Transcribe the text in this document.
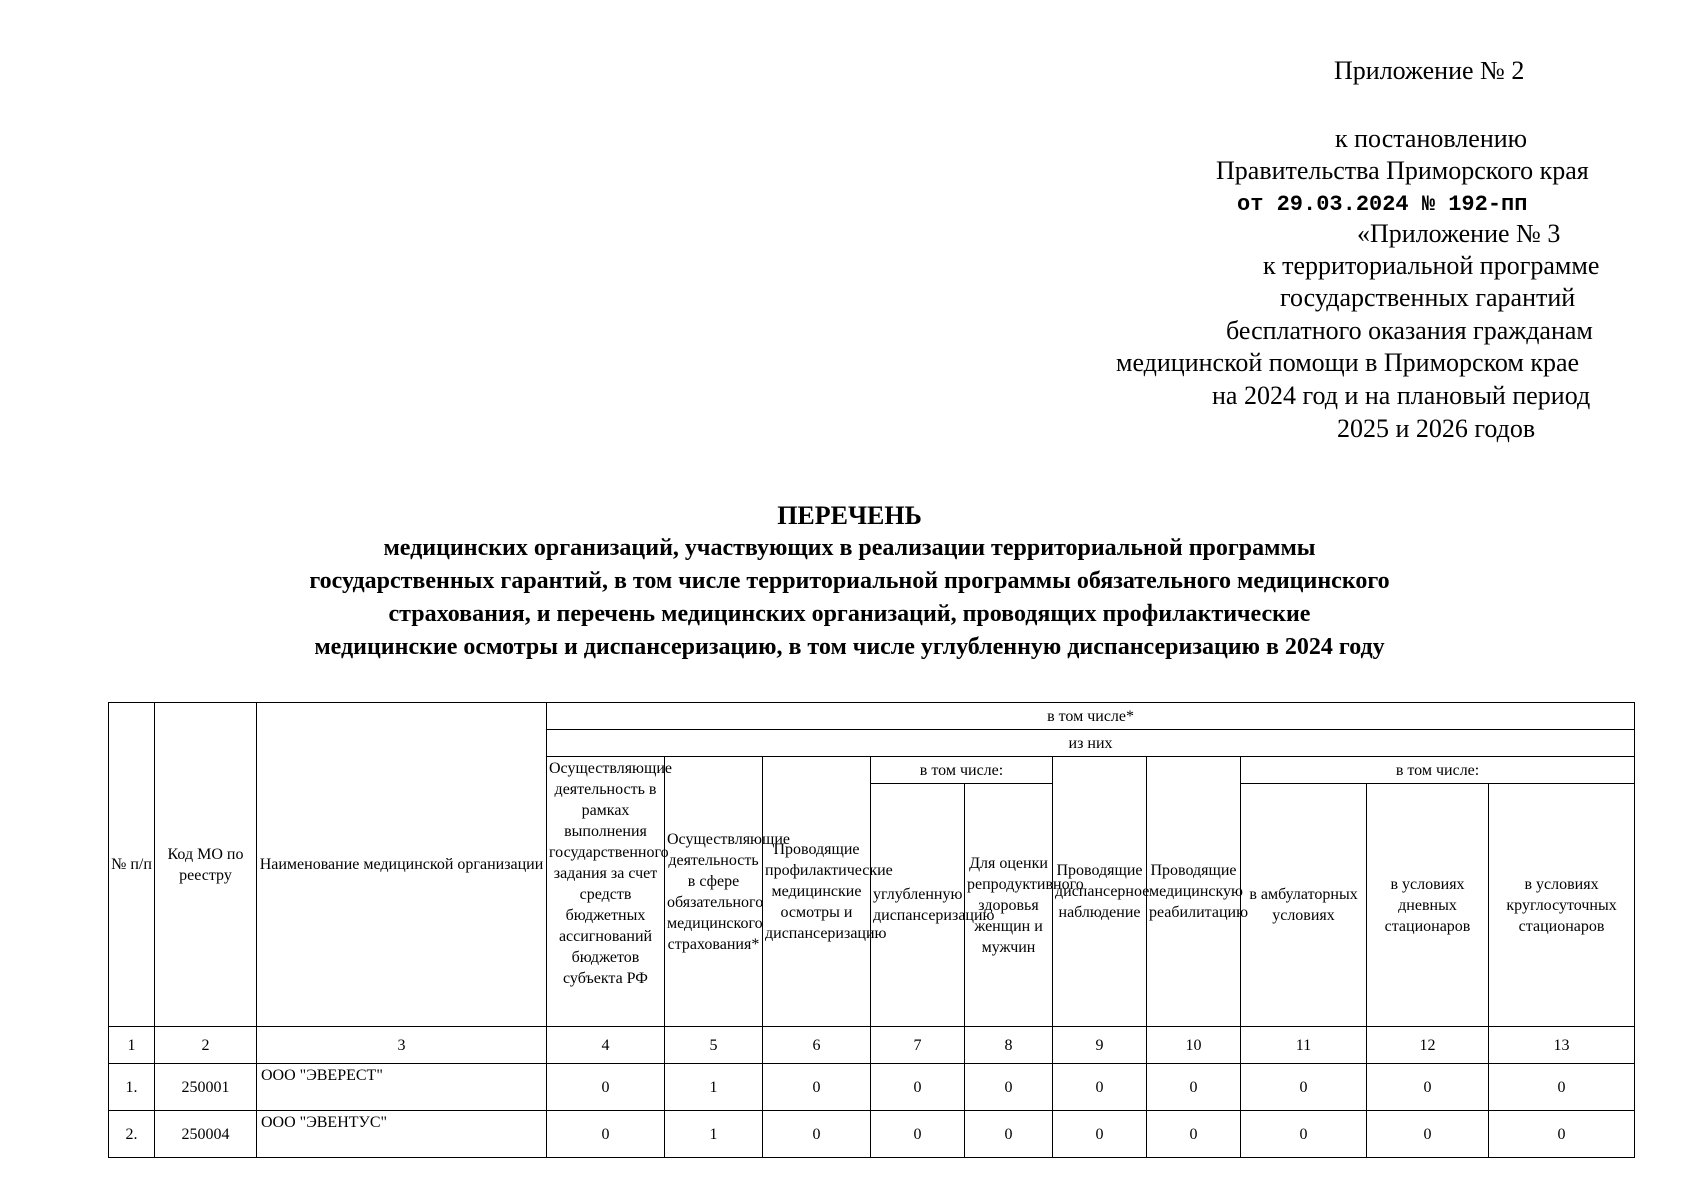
Приложение № 2
к постановлению
Правительства Приморского края
от 29.03.2024 № 192-пп
«Приложение № 3
к территориальной программе
государственных гарантий
бесплатного оказания гражданам
медицинской помощи в Приморском крае
на 2024 год и на плановый период
2025 и 2026 годов
ПЕРЕЧЕНЬ
медицинских организаций, участвующих в реализации территориальной программы
государственных гарантий, в том числе территориальной программы обязательного медицинского
страхования, и перечень медицинских организаций, проводящих профилактические
медицинские осмотры и диспансеризацию, в том числе углубленную диспансеризацию в 2024 году
№ п/п	Код МО по реестру	Наименование медицинской организации	в том числе*									
			из них									
			Осуществляющие деятельность в рамках выполнения государственного задания за счет средств бюджетных ассигнований бюджетов субъекта РФ	Осуществляющие деятельность в сфере обязательного медицинского страхования*	Проводящие профилактические медицинские осмотры и диспансеризацию	в том числе:		Проводящие диспансерное наблюдение	Проводящие медицинскую реабилитацию	в том числе:		
						углубленную диспансеризацию	Для оценки репродуктивного здоровья женщин и мужчин			в амбулаторных условиях	в условиях дневных стационаров	в условиях круглосуточных стационаров
1	2	3	4	5	6	7	8	9	10	11	12	13
1.	250001	ООО "ЭВЕРЕСТ"	0	1	0	0	0	0	0	0	0	0
2.	250004	ООО "ЭВЕНТУС"	0	1	0	0	0	0	0	0	0	0
